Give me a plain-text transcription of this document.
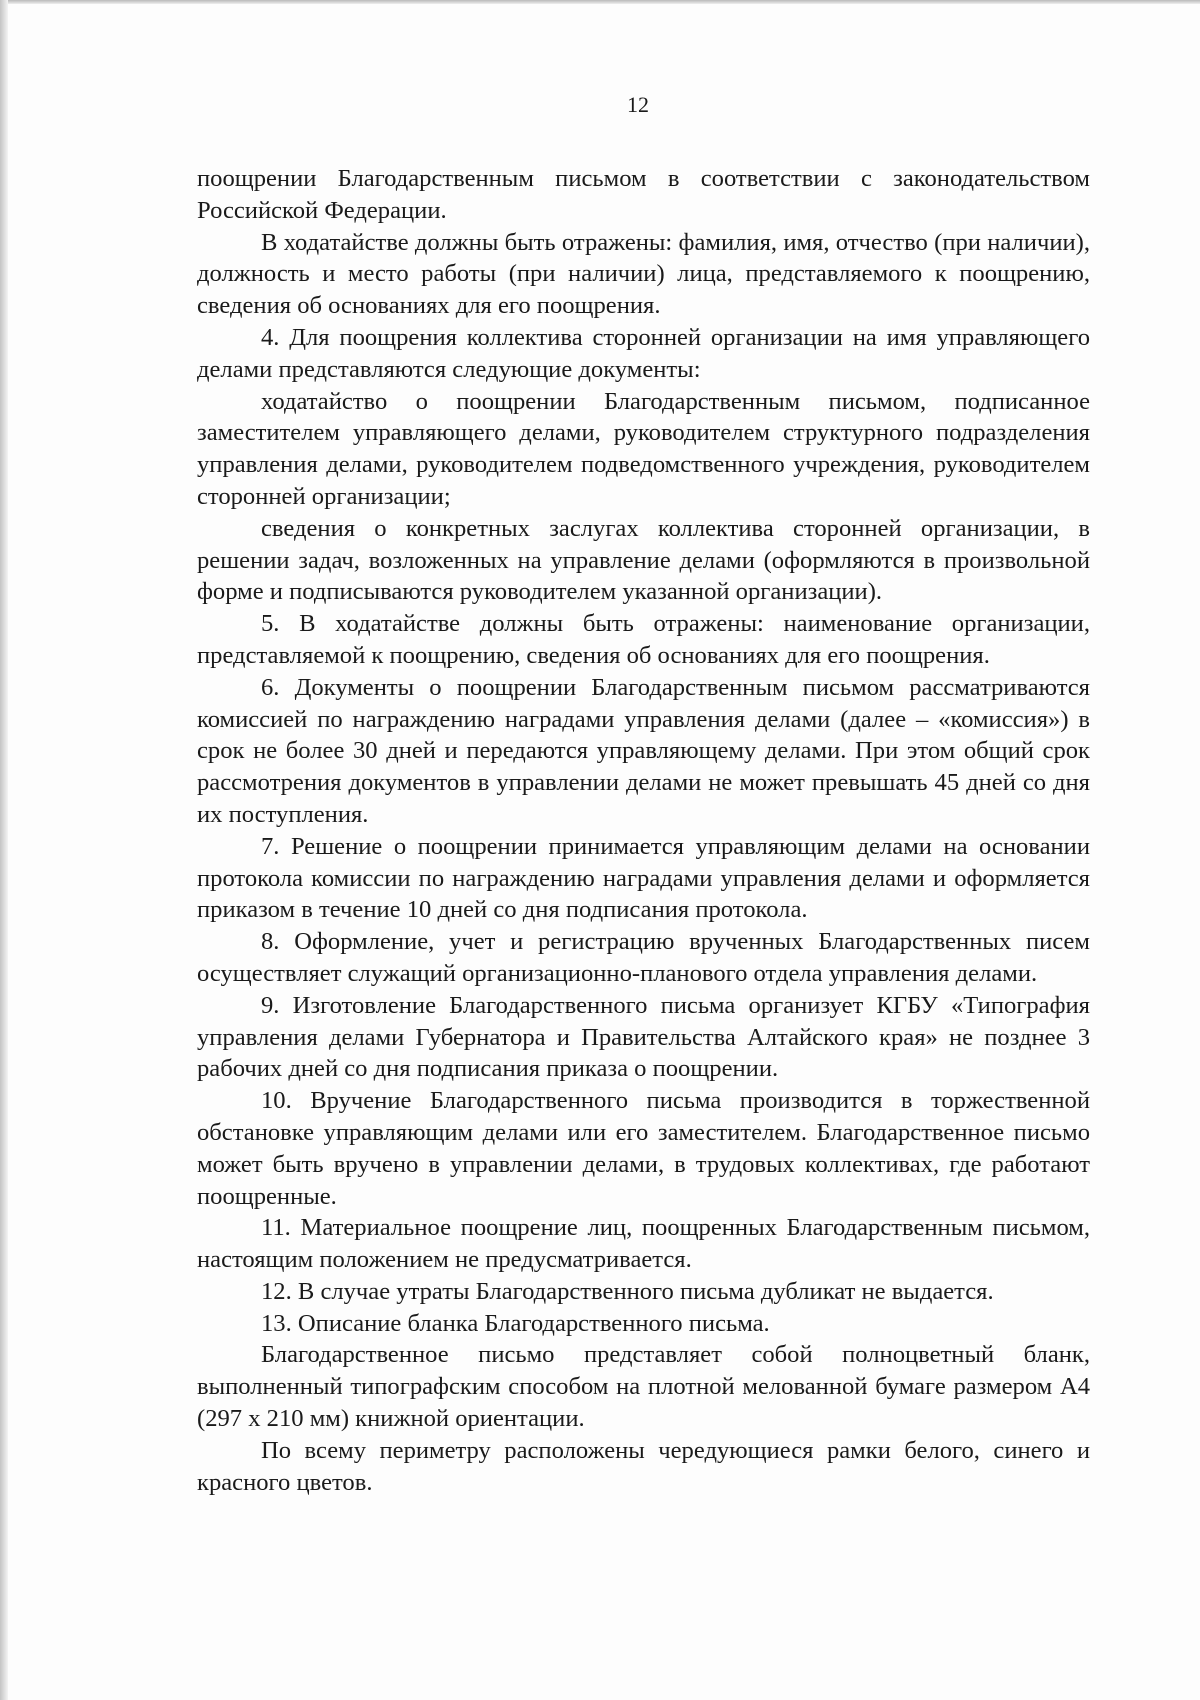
12

поощрении Благодарственным письмом в соответствии с законодательством Российской Федерации.

В ходатайстве должны быть отражены: фамилия, имя, отчество (при наличии), должность и место работы (при наличии) лица, представляемого к поощрению, сведения об основаниях для его поощрения.

4. Для поощрения коллектива сторонней организации на имя управляющего делами представляются следующие документы:

ходатайство о поощрении Благодарственным письмом, подписанное заместителем управляющего делами, руководителем структурного подразделения управления делами, руководителем подведомственного учреждения, руководителем сторонней организации;

сведения о конкретных заслугах коллектива сторонней организации, в решении задач, возложенных на управление делами (оформляются в произвольной форме и подписываются руководителем указанной организации).

5. В ходатайстве должны быть отражены: наименование организации, представляемой к поощрению, сведения об основаниях для его поощрения.

6. Документы о поощрении Благодарственным письмом рассматриваются комиссией по награждению наградами управления делами (далее – «комиссия») в срок не более 30 дней и передаются управляющему делами. При этом общий срок рассмотрения документов в управлении делами не может превышать 45 дней со дня их поступления.

7. Решение о поощрении принимается управляющим делами на основании протокола комиссии по награждению наградами управления делами и оформляется приказом в течение 10 дней со дня подписания протокола.

8. Оформление, учет и регистрацию врученных Благодарственных писем осуществляет служащий организационно-планового отдела управления делами.

9. Изготовление Благодарственного письма организует КГБУ «Типография управления делами Губернатора и Правительства Алтайского края» не позднее 3 рабочих дней со дня подписания приказа о поощрении.

10. Вручение Благодарственного письма производится в торжественной обстановке управляющим делами или его заместителем. Благодарственное письмо может быть вручено в управлении делами, в трудовых коллективах, где работают поощренные.

11. Материальное поощрение лиц, поощренных Благодарственным письмом, настоящим положением не предусматривается.

12. В случае утраты Благодарственного письма дубликат не выдается.

13. Описание бланка Благодарственного письма.

Благодарственное письмо представляет собой полноцветный бланк, выполненный типографским способом на плотной мелованной бумаге размером А4 (297 х 210 мм) книжной ориентации.

По всему периметру расположены чередующиеся рамки белого, синего и красного цветов.
